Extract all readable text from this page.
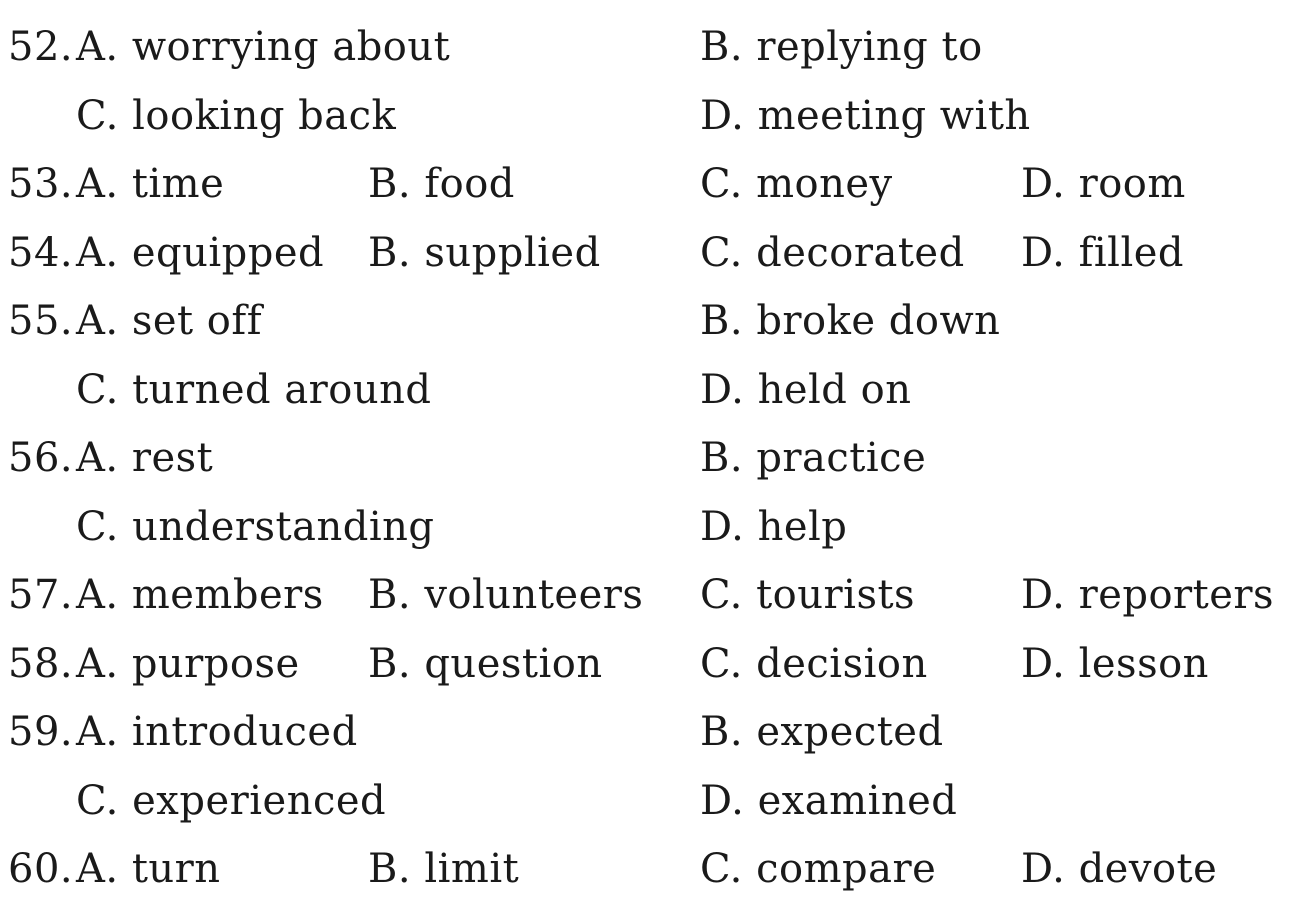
52. A. worrying about	B. replying to
C. looking back	D. meeting with
53. A. time	B. food	C. money	D. room
54. A. equipped B. supplied C. decorated D. filled
55. A. set off	B. broke down
C. turned around	D. held on
56. A. rest	B. practice
C. understanding	D. help
57. A. members B. volunteers C. tourists	D. reporters
58. A. purpose B. question C. decision D. lesson
59. A. introduced	B. expected
C. experienced	D. examined
60. A. turn	B. limit	C. compare D. devote
